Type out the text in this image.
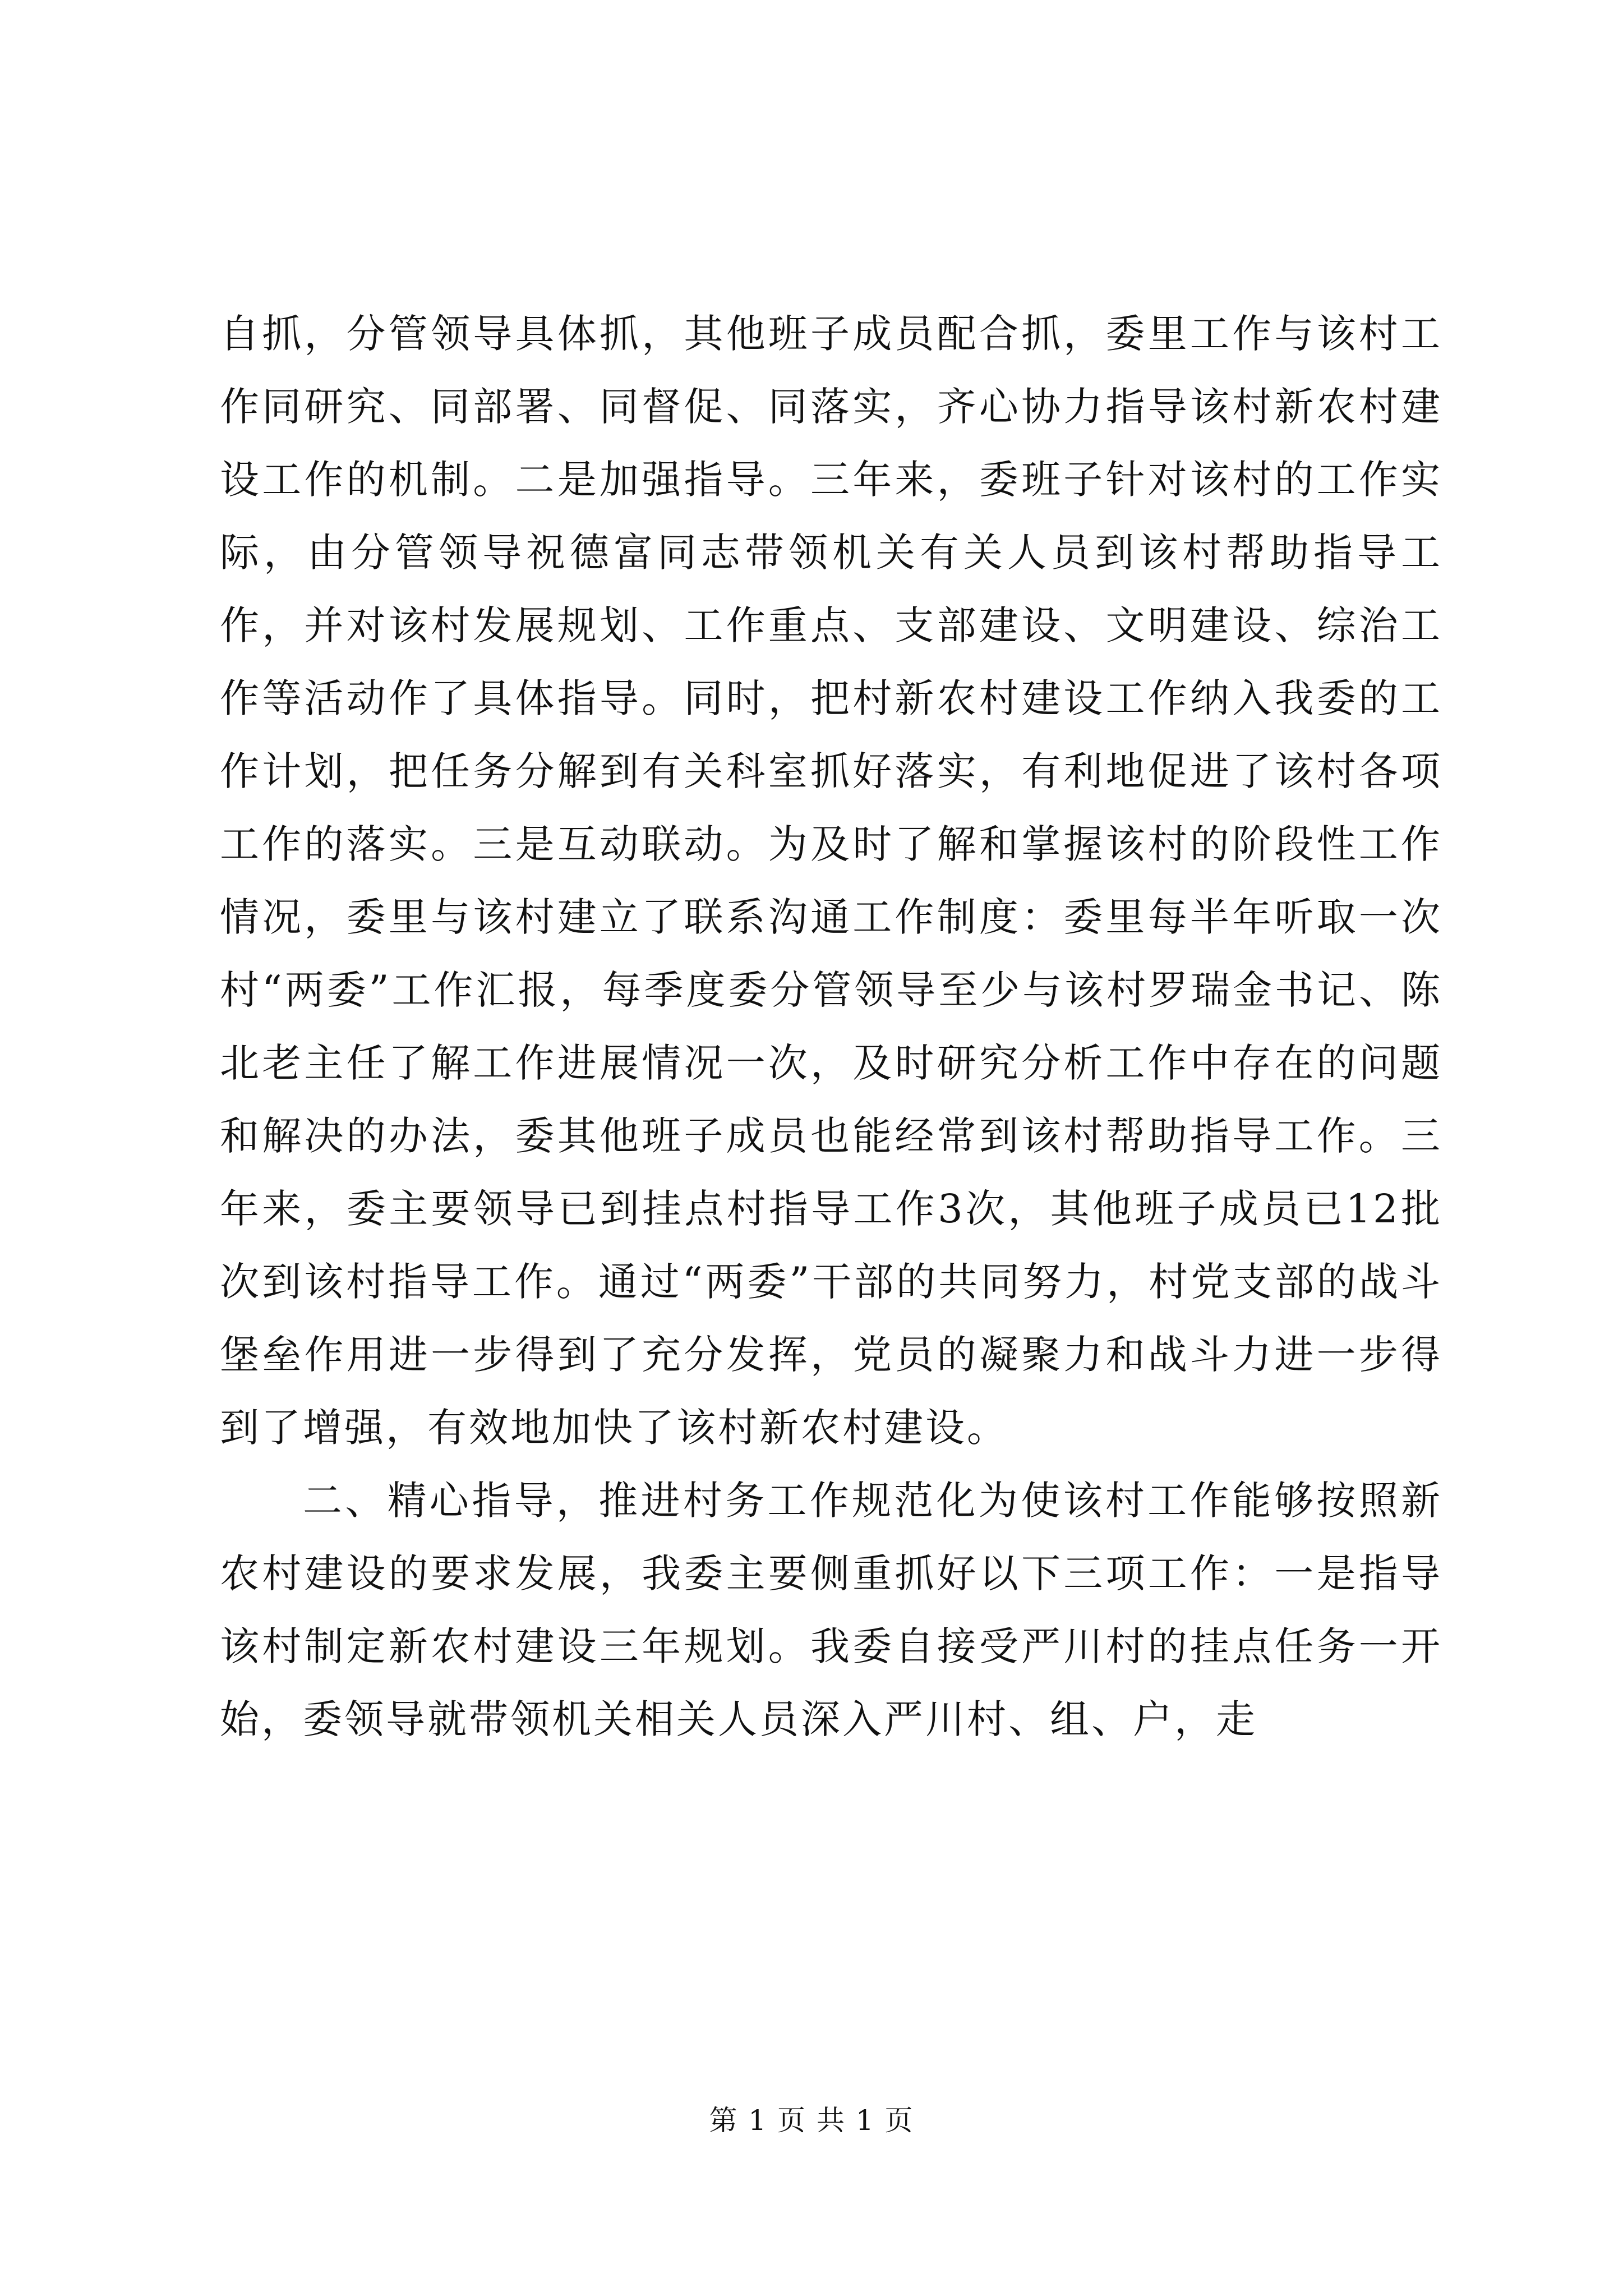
自抓，分管领导具体抓，其他班子成员配合抓，委里工作与该村工作同研究、同部署、同督促、同落实，齐心协力指导该村新农村建设工作的机制。二是加强指导。三年来，委班子针对该村的工作实际，由分管领导祝德富同志带领机关有关人员到该村帮助指导工作，并对该村发展规划、工作重点、支部建设、文明建设、综治工作等活动作了具体指导。同时，把村新农村建设工作纳入我委的工作计划，把任务分解到有关科室抓好落实，有利地促进了该村各项工作的落实。三是互动联动。为及时了解和掌握该村的阶段性工作情况，委里与该村建立了联系沟通工作制度：委里每半年听取一次村“两委”工作汇报，每季度委分管领导至少与该村罗瑞金书记、陈北老主任了解工作进展情况一次，及时研究分析工作中存在的问题和解决的办法，委其他班子成员也能经常到该村帮助指导工作。三年来，委主要领导已到挂点村指导工作3次，其他班子成员已12批次到该村指导工作。通过“两委”干部的共同努力，村党支部的战斗堡垒作用进一步得到了充分发挥，党员的凝聚力和战斗力进一步得到了增强，有效地加快了该村新农村建设。

二、精心指导，推进村务工作规范化为使该村工作能够按照新农村建设的要求发展，我委主要侧重抓好以下三项工作：一是指导该村制定新农村建设三年规划。我委自接受严川村的挂点任务一开始，委领导就带领机关相关人员深入严川村、组、户，走

第 1 页 共 1 页
